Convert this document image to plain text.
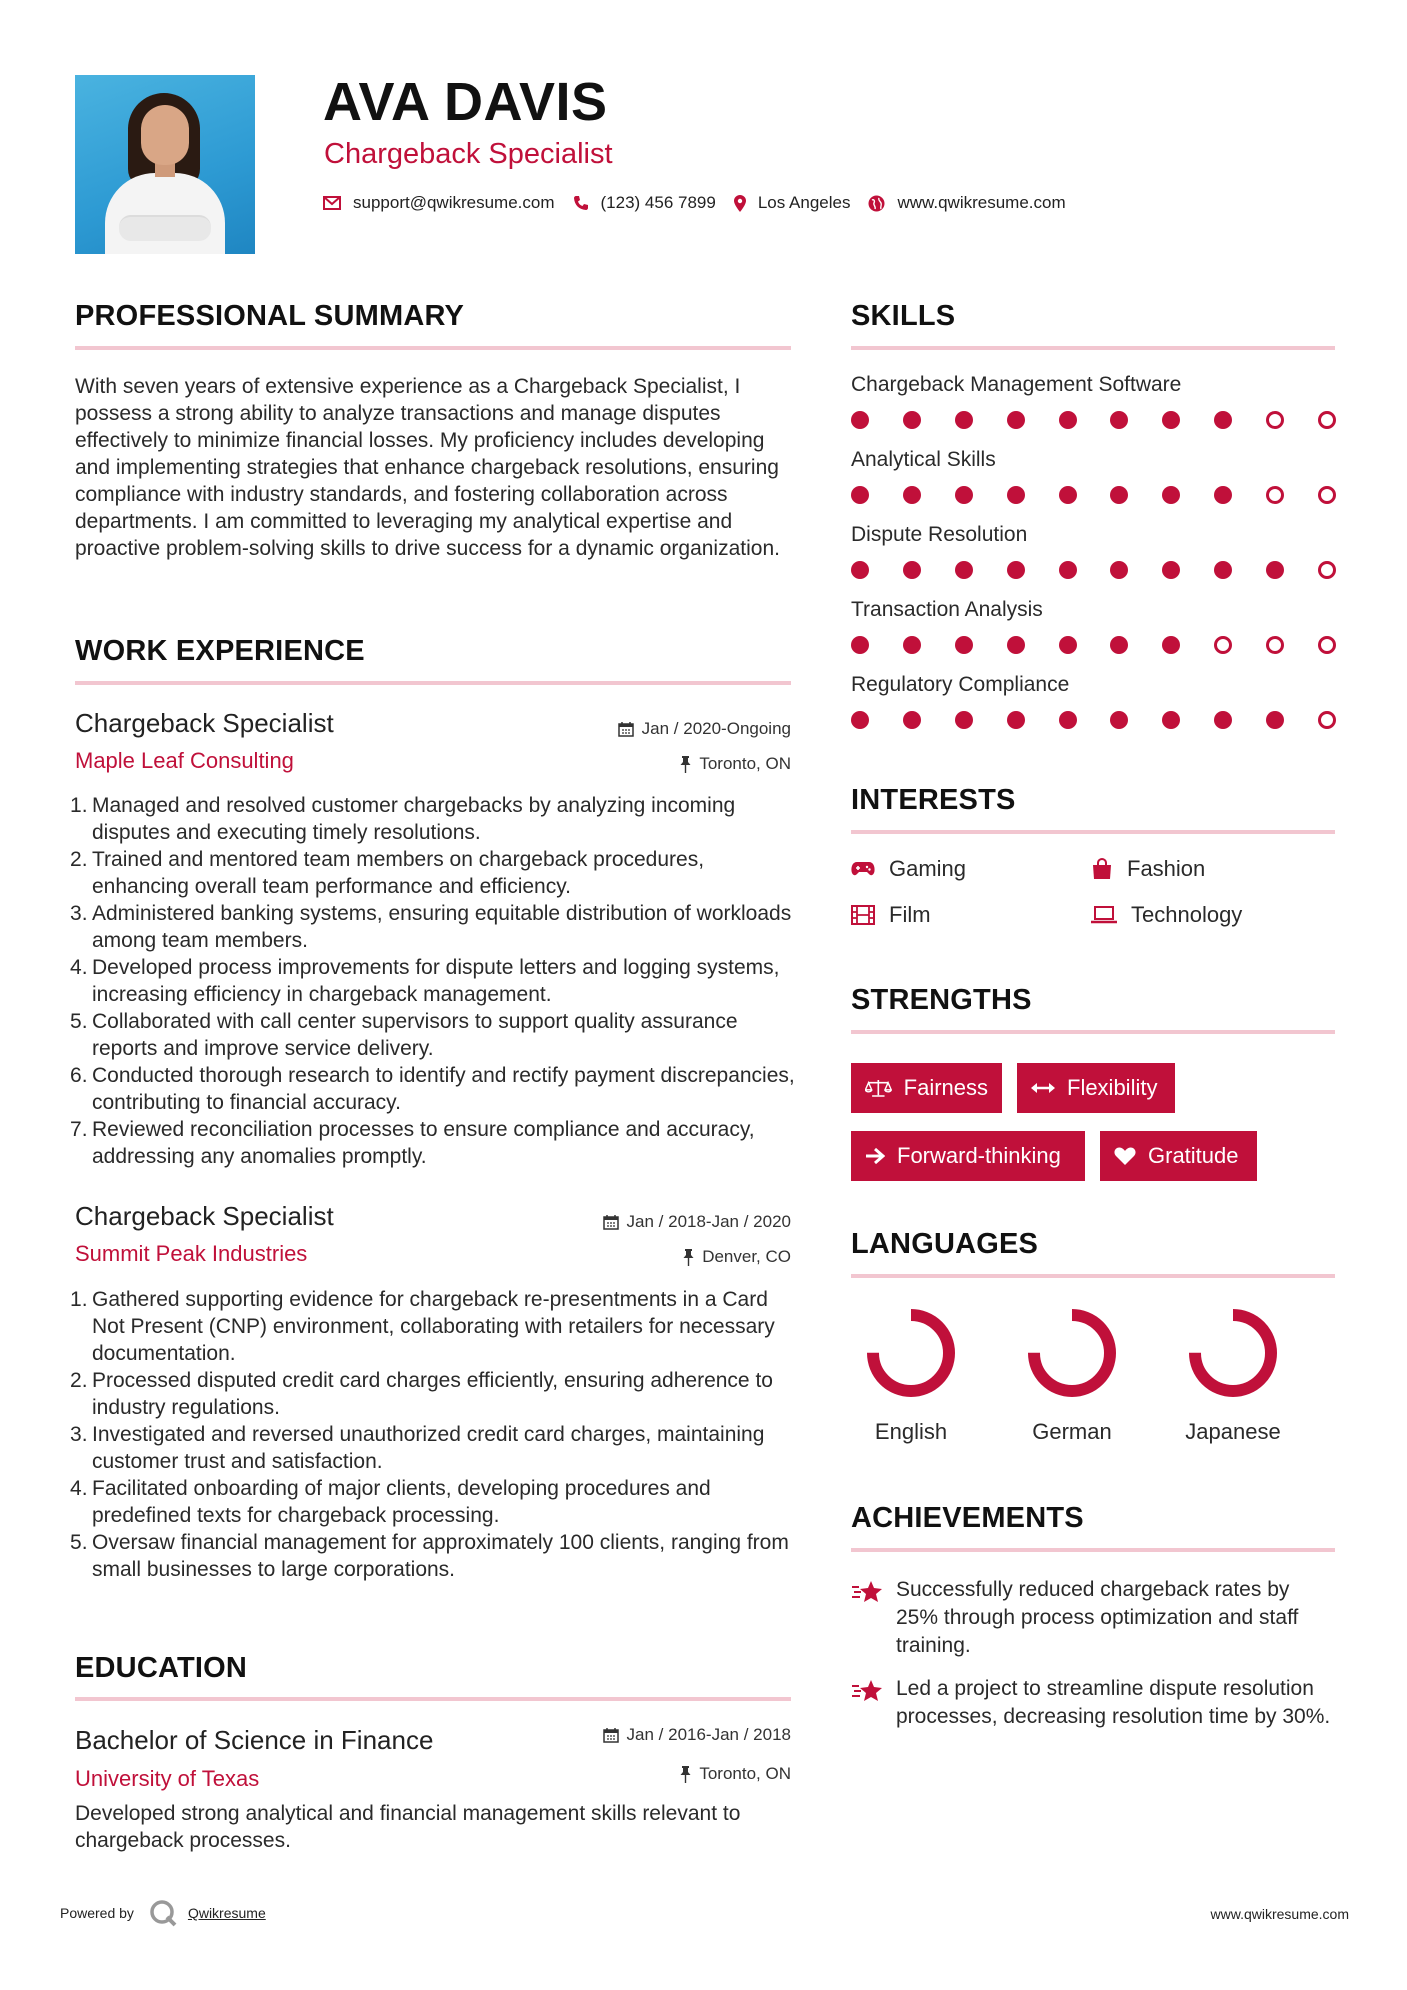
AVA DAVIS
Chargeback Specialist
support@qwikresume.com	(123) 456 7899 Los Angeles	www.qwikresume.com
PROFESSIONAL SUMMARY
With seven years of extensive experience as a Chargeback Specialist, I possess a strong ability to analyze transactions and manage disputes effectively to minimize financial losses. My proficiency includes developing and implementing strategies that enhance chargeback resolutions, ensuring compliance with industry standards, and fostering collaboration across departments. I am committed to leveraging my analytical expertise and proactive problem-solving skills to drive success for a dynamic organization.
WORK EXPERIENCE
Chargeback Specialist
Maple Leaf Consulting
Jan / 2020-Ongoing
Toronto, ON
Managed and resolved customer chargebacks by analyzing incoming disputes and executing timely resolutions.
Trained and mentored team members on chargeback procedures, enhancing overall team performance and efficiency.
Administered banking systems, ensuring equitable distribution of workloads among team members.
Developed process improvements for dispute letters and logging systems, increasing efficiency in chargeback management.
Collaborated with call center supervisors to support quality assurance reports and improve service delivery.
Conducted thorough research to identify and rectify payment discrepancies, contributing to financial accuracy.
Reviewed reconciliation processes to ensure compliance and accuracy, addressing any anomalies promptly.
Chargeback Specialist
Summit Peak Industries
Jan / 2018-Jan / 2020
Denver, CO
Gathered supporting evidence for chargeback re-presentments in a Card Not Present (CNP) environment, collaborating with retailers for necessary documentation.
Processed disputed credit card charges efficiently, ensuring adherence to industry regulations.
Investigated and reversed unauthorized credit card charges, maintaining customer trust and satisfaction.
Facilitated onboarding of major clients, developing procedures and predefined texts for chargeback processing.
Oversaw financial management for approximately 100 clients, ranging from small businesses to large corporations.
EDUCATION
Bachelor of Science in Finance
University of Texas
Jan / 2016-Jan / 2018
Toronto, ON
Developed strong analytical and financial management skills relevant to chargeback processes.
SKILLS
Chargeback Management Software
Analytical Skills
Dispute Resolution
Transaction Analysis
Regulatory Compliance
INTERESTS
Gaming	Fashion
Film	Technology
STRENGTHS
Fairness	Flexibility
Forward-thinking	Gratitude
LANGUAGES
English	German	Japanese
ACHIEVEMENTS
Successfully reduced chargeback rates by 25% through process optimization and staff training.
Led a project to streamline dispute resolution processes, decreasing resolution time by 30%.
Powered by	Qwikresume	www.qwikresume.com
